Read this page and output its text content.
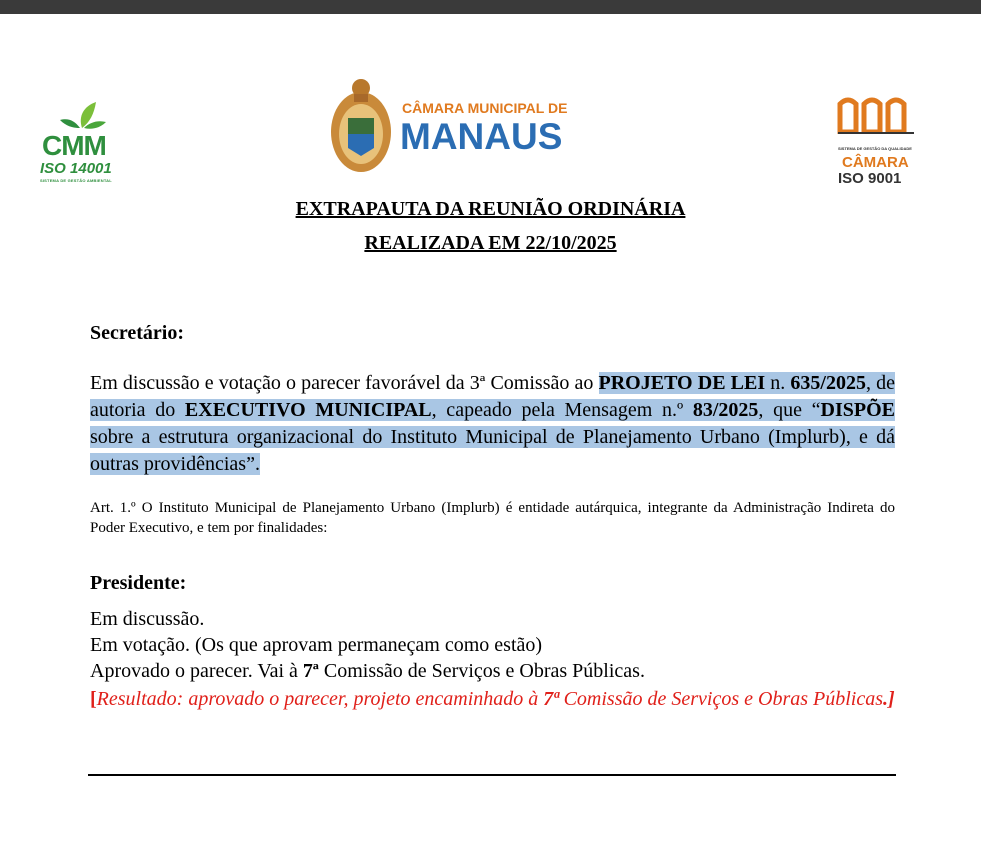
CMM
ISO 14001
SISTEMA DE GESTÃO AMBIENTAL
CÂMARA MUNICIPAL DE
MANAUS	SISTEMA DE GESTÃO DA QUALIDADE
CÂMARA
ISO 9001
EXTRAPAUTA DA REUNIÃO ORDINÁRIA
REALIZADA EM 22/10/2025
Secretário:
Em discussão e votação o parecer favorável da 3ª Comissão ao PROJETO DE LEI n. 635/2025, de autoria do EXECUTIVO MUNICIPAL, capeado pela Mensagem n.º 83/2025, que “DISPÕE sobre a estrutura organizacional do Instituto Municipal de Planejamento Urbano (Implurb), e dá outras providências”.
Art. 1.º O Instituto Municipal de Planejamento Urbano (Implurb) é entidade autárquica, integrante da Administração Indireta do Poder Executivo, e tem por finalidades:
Presidente:
Em discussão.
Em votação. (Os que aprovam permaneçam como estão)
Aprovado o parecer. Vai à 7ª Comissão de Serviços e Obras Públicas.
[Resultado: aprovado o parecer, projeto encaminhado à 7ª Comissão de Serviços e Obras Públicas.]
